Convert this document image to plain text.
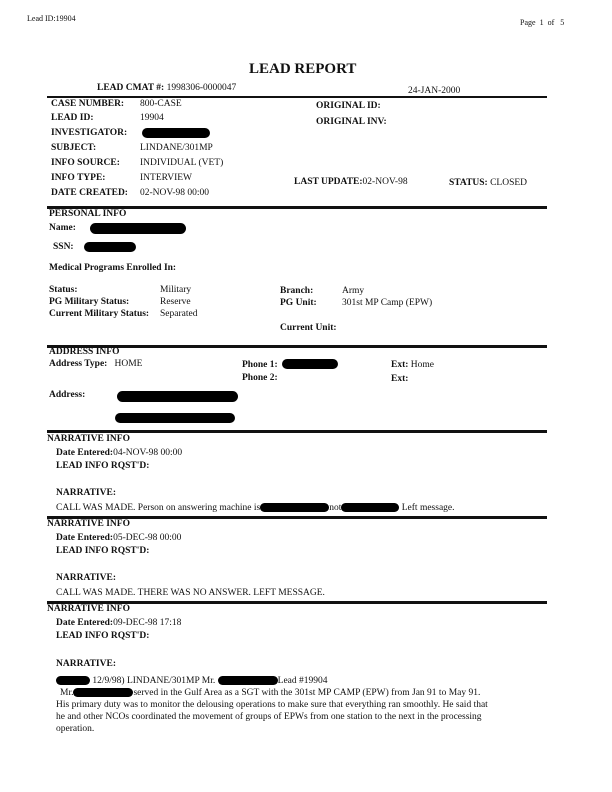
Lead ID:19904	Page 1 of 5
LEAD REPORT
LEAD CMAT #: 1998306-0000047	24-JAN-2000
CASE NUMBER: 800-CASE
LEAD ID:	19904
INVESTIGATOR:
SUBJECT:	LINDANE/301MP
INFO SOURCE: INDIVIDUAL (VET)
INFO TYPE:	INTERVIEW
DATE CREATED: 02-NOV-98 00:00
ORIGINAL ID:
ORIGINAL INV:
LAST UPDATE:02-NOV-98	STATUS: CLOSED
PERSONAL INFO
Name:
SSN:
Medical Programs Enrolled In:
Status:	Military
PG Military Status:	Reserve
Current Military Status: Separated
Branch:	Army
PG Unit:	301st MP Camp (EPW)
Current Unit:
ADDRESS INFO
Address Type: HOME	Phone 1:
Phone 2:
Ext: Home
Ext:
Address:
NARRATIVE INFO
Date Entered:04-NOV-98 00:00
LEAD INFO RQST'D:
NARRATIVE:
CALL WAS MADE. Person on answering machine is	not	Left message.
NARRATIVE INFO
Date Entered:05-DEC-98 00:00
LEAD INFO RQST'D:
NARRATIVE:
CALL WAS MADE. THERE WAS NO ANSWER. LEFT MESSAGE.
NARRATIVE INFO
Date Entered:09-DEC-98 17:18
LEAD INFO RQST'D:
NARRATIVE:
12/9/98) LINDANE/301MP Mr.	Lead #19904
Mr.	served in the Gulf Area as a SGT with the 301st MP CAMP (EPW) from Jan 91 to May 91.
His primary duty was to monitor the delousing operations to make sure that everything ran smoothly. He said that
he and other NCOs coordinated the movement of groups of EPWs from one station to the next in the processing
operation.
